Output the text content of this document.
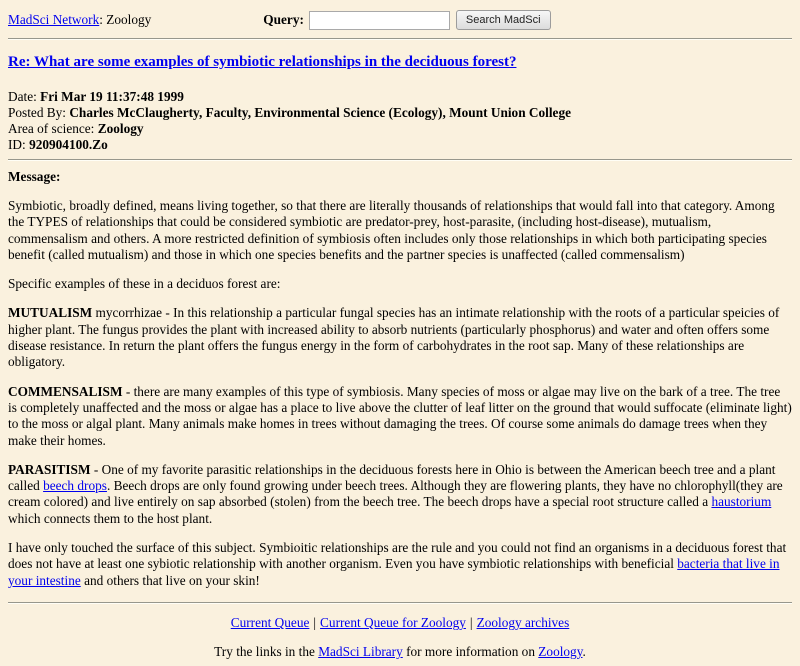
MadSci Network: Zoology	Query:	Search MadSci
Re: What are some examples of symbiotic relationships in the deciduous forest?
Date: Fri Mar 19 11:37:48 1999
Posted By: Charles McClaugherty, Faculty, Environmental Science (Ecology), Mount Union College
Area of science: Zoology
ID: 920904100.Zo
Message:

Symbiotic, broadly defined, means living together, so that there are literally thousands of relationships that would fall into that category. Among the TYPES of relationships that could be considered symbiotic are predator-prey, host-parasite, (including host-disease), mutualism, commensalism and others. A more restricted definition of symbiosis often includes only those relationships in which both participating species benefit (called mutualism) and those in which one species benefits and the partner species is unaffected (called commensalism)

Specific examples of these in a deciduos forest are:

MUTUALISM mycorrhizae - In this relationship a particular fungal species has an intimate relationship with the roots of a particular speicies of higher plant. The fungus provides the plant with increased ability to absorb nutrients (particularly phosphorus) and water and often offers some disease resistance. In return the plant offers the fungus energy in the form of carbohydrates in the root sap. Many of these relationships are obligatory.

COMMENSALISM - there are many examples of this type of symbiosis. Many species of moss or algae may live on the bark of a tree. The tree is completely unaffected and the moss or algae has a place to live above the clutter of leaf litter on the ground that would suffocate (eliminate light) to the moss or algal plant. Many animals make homes in trees without damaging the trees. Of course some animals do damage trees when they make their homes.

PARASITISM - One of my favorite parasitic relationships in the deciduous forests here in Ohio is between the American beech tree and a plant called beech drops. Beech drops are only found growing under beech trees. Although they are flowering plants, they have no chlorophyll(they are cream colored) and live entirely on sap absorbed (stolen) from the beech tree. The beech drops have a special root structure called a haustorium which connects them to the host plant.

I have only touched the surface of this subject. Symbioitic relationships are the rule and you could not find an organisms in a deciduous forest that does not have at least one sybiotic relationship with another organism. Even you have symbiotic relationships with beneficial bacteria that live in your intestine and others that live on your skin!

Current Queue | Current Queue for Zoology | Zoology archives
Try the links in the MadSci Library for more information on Zoology.
